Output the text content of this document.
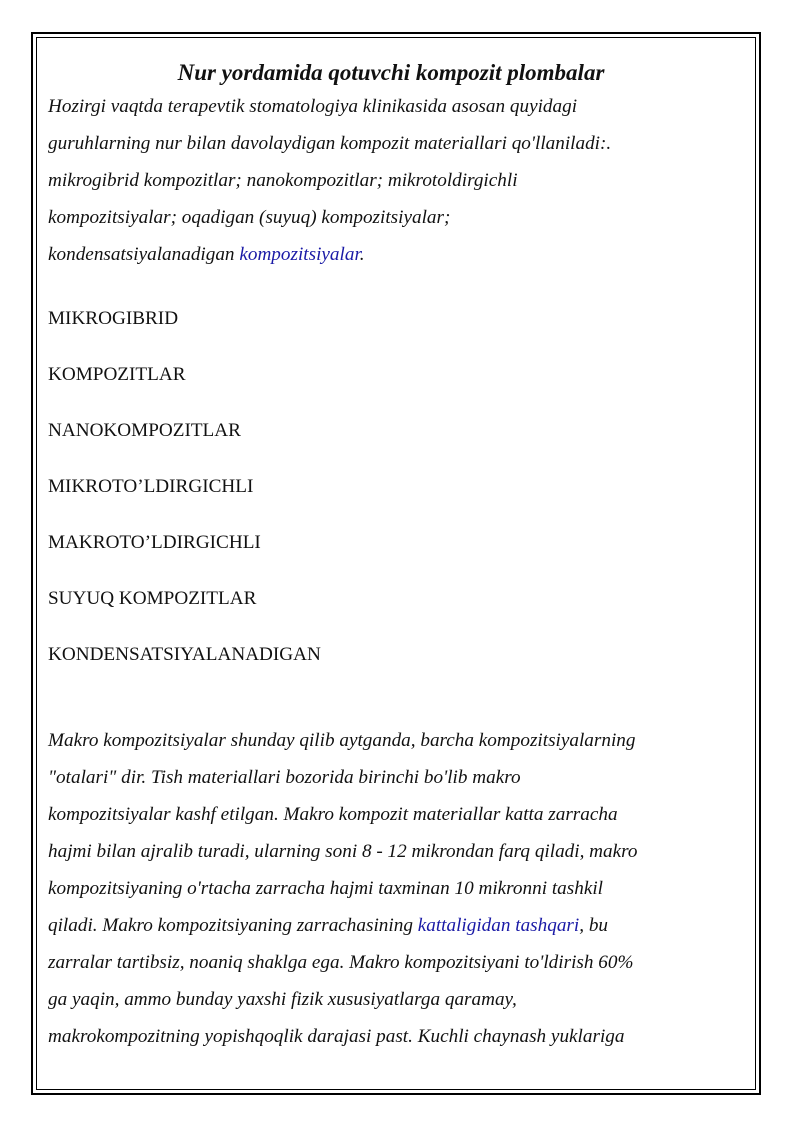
Nur yordamida qotuvchi kompozit plombalar
Hozirgi vaqtda terapevtik stomatologiya klinikasida asosan quyidagi
guruhlarning nur bilan davolaydigan kompozit materiallari qo'llaniladi:.
mikrogibrid kompozitlar; nanokompozitlar; mikrotoldirgichli
kompozitsiyalar; oqadigan (suyuq) kompozitsiyalar;
kondensatsiyalanadigan kompozitsiyalar.
MIKROGIBRID
KOMPOZITLAR
NANOKOMPOZITLAR
MIKROTO’LDIRGICHLI
MAKROTO’LDIRGICHLI
SUYUQ KOMPOZITLAR
KONDENSATSIYALANADIGAN
Makro kompozitsiyalar shunday qilib aytganda, barcha kompozitsiyalarning
"otalari" dir. Tish materiallari bozorida birinchi bo'lib makro
kompozitsiyalar kashf etilgan. Makro kompozit materiallar katta zarracha
hajmi bilan ajralib turadi, ularning soni 8 - 12 mikrondan farq qiladi, makro
kompozitsiyaning o'rtacha zarracha hajmi taxminan 10 mikronni tashkil
qiladi. Makro kompozitsiyaning zarrachasining kattaligidan tashqari, bu
zarralar tartibsiz, noaniq shaklga ega. Makro kompozitsiyani to'ldirish 60%
ga yaqin, ammo bunday yaxshi fizik xususiyatlarga qaramay,
makrokompozitning yopishqoqlik darajasi past. Kuchli chaynash yuklariga
